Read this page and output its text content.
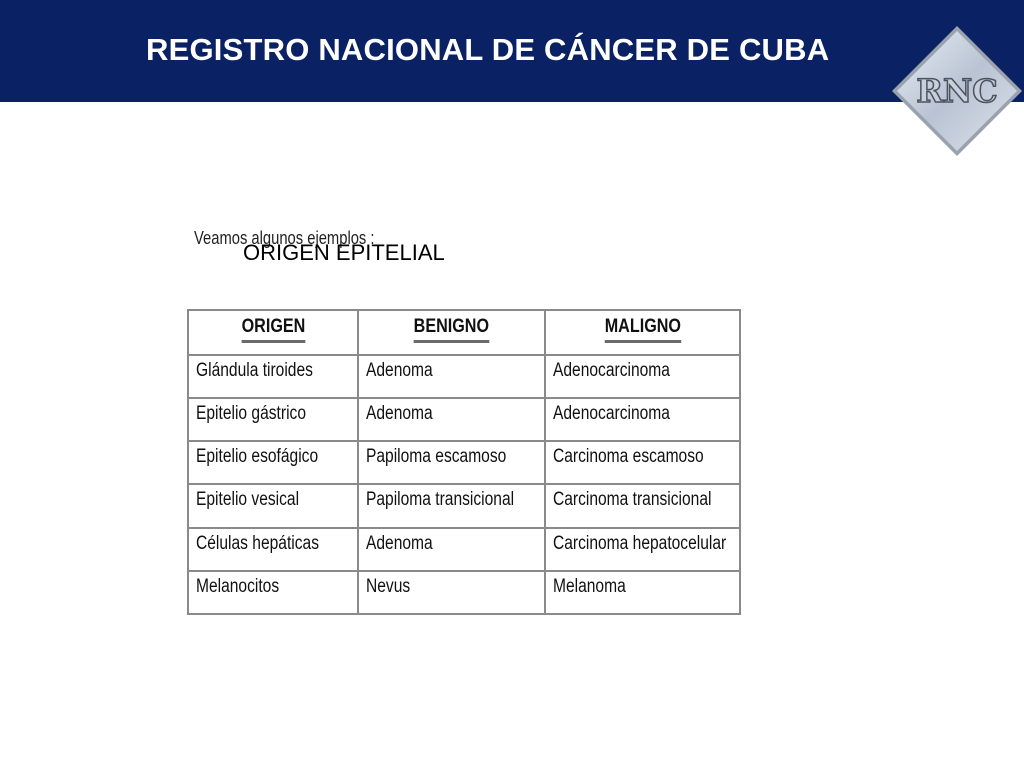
REGISTRO NACIONAL DE CÁNCER DE CUBA
RNC
Veamos algunos ejemplos :
ORIGEN EPITELIAL
ORIGEN	BENIGNO	MALIGNO
Glándula tiroides	Adenoma	Adenocarcinoma
Epitelio gástrico	Adenoma	Adenocarcinoma
Epitelio esofágico	Papiloma escamoso	Carcinoma escamoso
Epitelio vesical	Papiloma transicional	Carcinoma transicional
Células hepáticas	Adenoma	Carcinoma hepatocelular
Melanocitos	Nevus	Melanoma
